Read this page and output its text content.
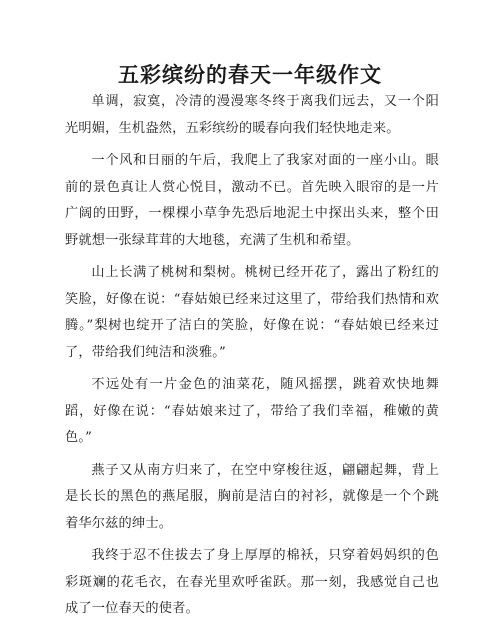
五彩缤纷的春天一年级作文

单调，寂寞，冷清的漫漫寒冬终于离我们远去，又一个阳光明媚，生机盎然，五彩缤纷的暖春向我们轻快地走来。

一个风和日丽的午后，我爬上了我家对面的一座小山。眼前的景色真让人赏心悦目，激动不已。首先映入眼帘的是一片广阔的田野，一棵棵小草争先恐后地泥土中探出头来，整个田野就想一张绿茸茸的大地毯，充满了生机和希望。

山上长满了桃树和梨树。桃树已经开花了，露出了粉红的笑脸，好像在说：“春姑娘已经来过这里了，带给我们热情和欢腾。”梨树也绽开了洁白的笑脸，好像在说：“春姑娘已经来过了，带给我们纯洁和淡雅。”

不远处有一片金色的油菜花，随风摇摆，跳着欢快地舞蹈，好像在说：“春姑娘来过了，带给了我们幸福，稚嫩的黄色。”

燕子又从南方归来了，在空中穿梭往返，翩翩起舞，背上是长长的黑色的燕尾服，胸前是洁白的衬衫，就像是一个个跳着华尔兹的绅士。

我终于忍不住拔去了身上厚厚的棉袄，只穿着妈妈织的色彩斑斓的花毛衣，在春光里欢呼雀跃。那一刻，我感觉自己也成了一位春天的使者。
